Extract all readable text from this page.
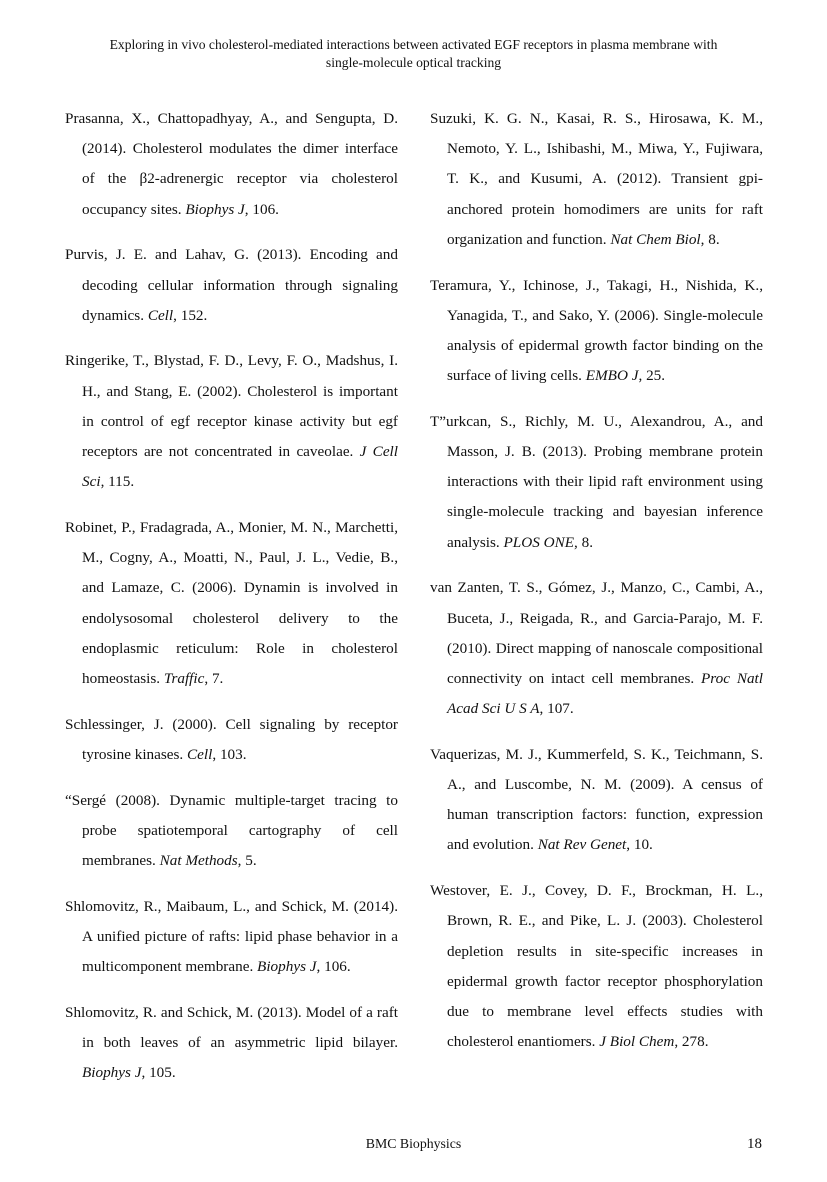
Exploring in vivo cholesterol-mediated interactions between activated EGF receptors in plasma membrane with
single-molecule optical tracking

Prasanna, X., Chattopadhyay, A., and Sengupta, D. (2014). Cholesterol modulates the dimer interface of the β2-adrenergic receptor via cholesterol occupancy sites. Biophys J, 106.

Purvis, J. E. and Lahav, G. (2013). Encoding and decoding cellular information through signaling dynamics. Cell, 152.

Ringerike, T., Blystad, F. D., Levy, F. O., Madshus, I. H., and Stang, E. (2002). Cholesterol is important in control of egf receptor kinase activity but egf receptors are not concentrated in caveolae. J Cell Sci, 115.

Robinet, P., Fradagrada, A., Monier, M. N., Marchetti, M., Cogny, A., Moatti, N., Paul, J. L., Vedie, B., and Lamaze, C. (2006). Dynamin is involved in endolysosomal cholesterol delivery to the endoplasmic reticulum: Role in cholesterol homeostasis. Traffic, 7.

Schlessinger, J. (2000). Cell signaling by receptor tyrosine kinases. Cell, 103.

“Sergé (2008). Dynamic multiple-target tracing to probe spatiotemporal cartography of cell membranes. Nat Methods, 5.

Shlomovitz, R., Maibaum, L., and Schick, M. (2014). A unified picture of rafts: lipid phase behavior in a multicomponent membrane. Biophys J, 106.

Shlomovitz, R. and Schick, M. (2013). Model of a raft in both leaves of an asymmetric lipid bilayer. Biophys J, 105.

Suzuki, K. G. N., Kasai, R. S., Hirosawa, K. M., Nemoto, Y. L., Ishibashi, M., Miwa, Y., Fujiwara, T. K., and Kusumi, A. (2012). Transient gpi-anchored protein homodimers are units for raft organization and function. Nat Chem Biol, 8.

Teramura, Y., Ichinose, J., Takagi, H., Nishida, K., Yanagida, T., and Sako, Y. (2006). Single-molecule analysis of epidermal growth factor binding on the surface of living cells. EMBO J, 25.

T”urkcan, S., Richly, M. U., Alexandrou, A., and Masson, J. B. (2013). Probing membrane protein interactions with their lipid raft environment using single-molecule tracking and bayesian inference analysis. PLOS ONE, 8.

van Zanten, T. S., Gómez, J., Manzo, C., Cambi, A., Buceta, J., Reigada, R., and Garcia-Parajo, M. F. (2010). Direct mapping of nanoscale compositional connectivity on intact cell membranes. Proc Natl Acad Sci U S A, 107.

Vaquerizas, M. J., Kummerfeld, S. K., Teichmann, S. A., and Luscombe, N. M. (2009). A census of human transcription factors: function, expression and evolution. Nat Rev Genet, 10.

Westover, E. J., Covey, D. F., Brockman, H. L., Brown, R. E., and Pike, L. J. (2003). Cholesterol depletion results in site-specific increases in epidermal growth factor receptor phosphorylation due to membrane level effects studies with cholesterol enantiomers. J Biol Chem, 278.

BMC Biophysics	18
